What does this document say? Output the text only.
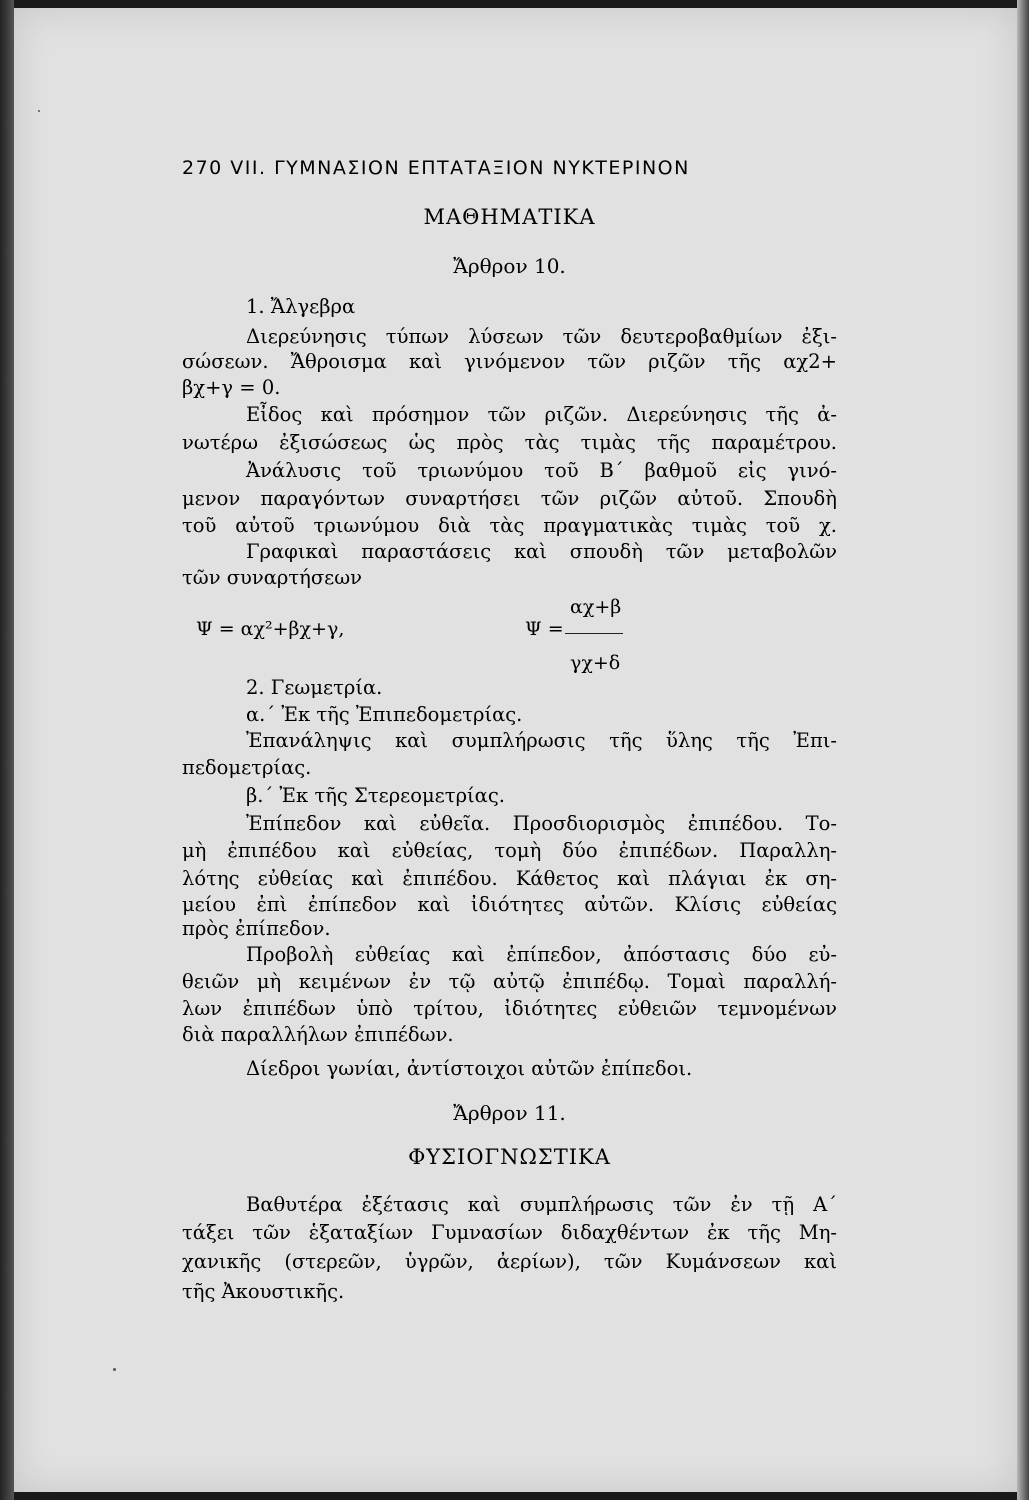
270 VII. ΓΥΜΝΑΣΙΟΝ ΕΠΤΑΤΑΞΙΟΝ ΝΥΚΤΕΡΙΝΟΝ
ΜΑΘΗΜΑΤΙΚΑ
Ἄρθρον 10.
1. Ἄλγεβρα
Διερεύνησις τύπων λύσεων τῶν δευτεροβαθμίων ἐξι-
σώσεων. Ἄθροισμα καὶ γινόμενον τῶν ριζῶν τῆς αχ2+
βχ+γ = 0.
Εἶδος καὶ πρόσημον τῶν ριζῶν. Διερεύνησις τῆς ἀ-
νωτέρω ἐξισώσεως ὡς πρὸς τὰς τιμὰς τῆς παραμέτρου.
Ἀνάλυσις τοῦ τριωνύμου τοῦ Β΄ βαθμοῦ εἰς γινό-
μενον παραγόντων συναρτήσει τῶν ριζῶν αὐτοῦ. Σπουδὴ
τοῦ αὐτοῦ τριωνύμου διὰ τὰς πραγματικὰς τιμὰς τοῦ χ.
Γραφικαὶ παραστάσεις καὶ σπουδὴ τῶν μεταβολῶν
τῶν συναρτήσεων
Ψ = αχ²+βχ+γ,	Ψ =
αχ+β
γχ+δ
2. Γεωμετρία.
α.΄ Ἐκ τῆς Ἐπιπεδομετρίας.
Ἐπανάληψις καὶ συμπλήρωσις τῆς ὕλης τῆς Ἐπι-
πεδομετρίας.
β.΄ Ἐκ τῆς Στερεομετρίας.
Ἐπίπεδον καὶ εὐθεῖα. Προσδιορισμὸς ἐπιπέδου. Το-
μὴ ἐπιπέδου καὶ εὐθείας, τομὴ δύο ἐπιπέδων. Παραλλη-
λότης εὐθείας καὶ ἐπιπέδου. Κάθετος καὶ πλάγιαι ἐκ ση-
μείου ἐπὶ ἐπίπεδον καὶ ἰδιότητες αὐτῶν. Κλίσις εὐθείας
πρὸς ἐπίπεδον.
Προβολὴ εὐθείας καὶ ἐπίπεδον, ἀπόστασις δύο εὐ-
θειῶν μὴ κειμένων ἐν τῷ αὐτῷ ἐπιπέδῳ. Τομαὶ παραλλή-
λων ἐπιπέδων ὑπὸ τρίτου, ἰδιότητες εὐθειῶν τεμνομένων
διὰ παραλλήλων ἐπιπέδων.
Δίεδροι γωνίαι, ἀντίστοιχοι αὐτῶν ἐπίπεδοι.
Ἄρθρον 11.
ΦΥΣΙΟΓΝΩΣΤΙΚΑ
Βαθυτέρα ἐξέτασις καὶ συμπλήρωσις τῶν ἐν τῇ Α΄
τάξει τῶν ἑξαταξίων Γυμνασίων διδαχθέντων ἐκ τῆς Μη-
χανικῆς (στερεῶν, ὑγρῶν, ἀερίων), τῶν Κυμάνσεων καὶ
τῆς Ἀκουστικῆς.
